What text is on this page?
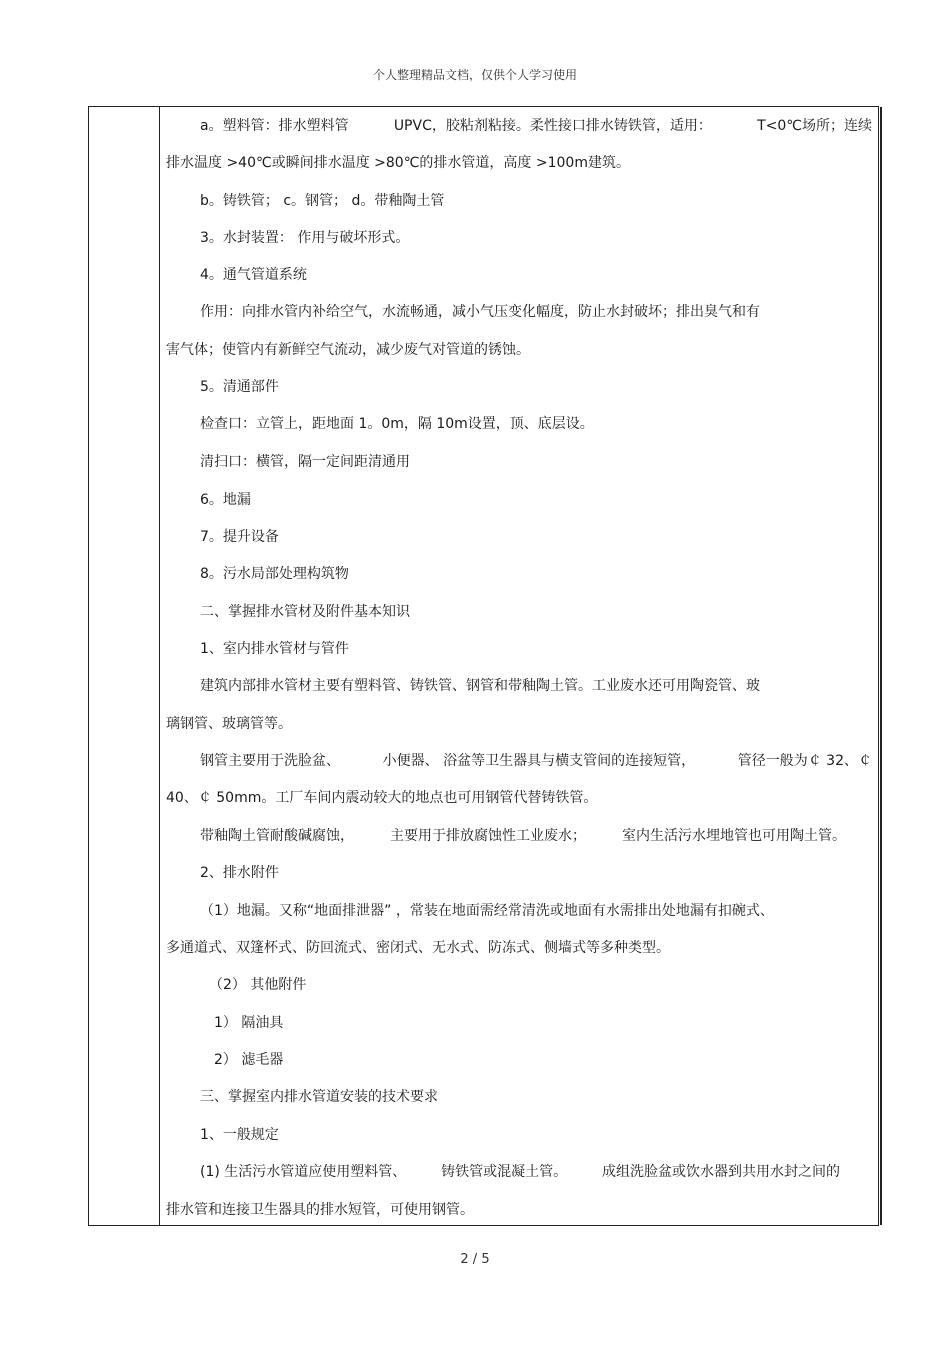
个人整理精品文档，仅供个人学习使用
a。塑料管：排水塑料管	UPVC，胶粘剂粘接。柔性接口排水铸铁管，适用：	T<0℃场所；连续
排水温度 >40℃或瞬间排水温度 >80℃的排水管道，高度 >100m建筑。
b。铸铁管； c。钢管； d。带釉陶土管
3。水封装置： 作用与破坏形式。
4。通气管道系统
作用：向排水管内补给空气，水流畅通，减小气压变化幅度，防止水封破坏；排出臭气和有
害气体；使管内有新鲜空气流动，减少废气对管道的锈蚀。
5。清通部件
检查口：立管上，距地面 1。0m，隔 10m设置，顶、底层设。
清扫口：横管，隔一定间距清通用
6。地漏
7。提升设备
8。污水局部处理构筑物
二、掌握排水管材及附件基本知识
1、室内排水管材与管件
建筑内部排水管材主要有塑料管、铸铁管、钢管和带釉陶土管。工业废水还可用陶瓷管、玻
璃钢管、玻璃管等。
钢管主要用于洗脸盆、	小便器、 浴盆等卫生器具与横支管间的连接短管，	管径一般为￠ 32、￠
40、￠ 50mm。工厂车间内震动较大的地点也可用钢管代替铸铁管。
带釉陶土管耐酸碱腐蚀，	主要用于排放腐蚀性工业废水；	室内生活污水埋地管也可用陶土管。
2、排水附件
（1）地漏。又称“地面排泄器” ，常装在地面需经常清洗或地面有水需排出处地漏有扣碗式、
多通道式、双篷杯式、防回流式、密闭式、无水式、防冻式、侧墙式等多种类型。
（2） 其他附件
1） 隔油具
2） 滤毛器
三、掌握室内排水管道安装的技术要求
1、一般规定
(1) 生活污水管道应使用塑料管、 铸铁管或混凝土管。 成组洗脸盆或饮水器到共用水封之间的
排水管和连接卫生器具的排水短管，可使用钢管。
2 / 5
